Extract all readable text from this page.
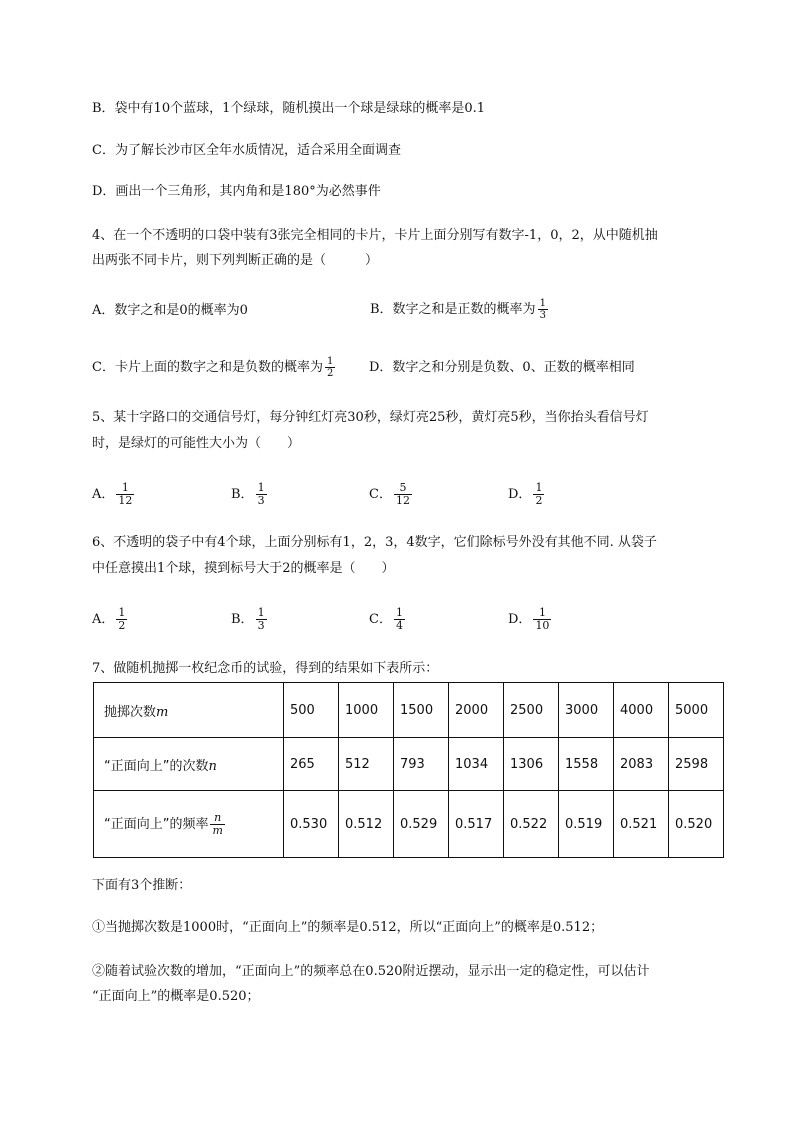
B．袋中有10个蓝球，1个绿球，随机摸出一个球是绿球的概率是0.1
C．为了解长沙市区全年水质情况，适合采用全面调查
D．画出一个三角形，其内角和是180°为必然事件
4、在一个不透明的口袋中装有3张完全相同的卡片，卡片上面分别写有数字-1，0，2，从中随机抽
出两张不同卡片，则下列判断正确的是（　　　）
A．数字之和是0的概率为0	B．数字之和是正数的概率为 $\frac{1}{3}$
C．卡片上面的数字之和是负数的概率为 $\frac{1}{2}$	D．数字之和分别是负数、0、正数的概率相同
5、某十字路口的交通信号灯，每分钟红灯亮30秒，绿灯亮25秒，黄灯亮5秒，当你抬头看信号灯
时，是绿灯的可能性大小为（　　）
A． $\frac{1}{12}$	B． $\frac{1}{3}$	C． $\frac{5}{12}$	D． $\frac{1}{2}$
6、不透明的袋子中有4个球，上面分别标有1，2，3，4数字，它们除标号外没有其他不同. 从袋子
中任意摸出1个球，摸到标号大于2的概率是（　　）
A． $\frac{1}{2}$	B． $\frac{1}{3}$	C． $\frac{1}{4}$	D． $\frac{1}{10}$
7、做随机抛掷一枚纪念币的试验，得到的结果如下表所示：
抛掷次数m	500	1000	1500	2000	2500	3000	4000	5000
“正面向上”的次数n	265	512	793	1034	1306	1558	2083	2598
“正面向上”的频率 $\frac{n}{m}$	0.530	0.512	0.529	0.517	0.522	0.519	0.521	0.520
下面有3个推断：
①当抛掷次数是1000时，“正面向上”的频率是0.512，所以“正面向上”的概率是0.512；
②随着试验次数的增加，“正面向上”的频率总在0.520附近摆动，显示出一定的稳定性，可以估计
“正面向上”的概率是0.520；
